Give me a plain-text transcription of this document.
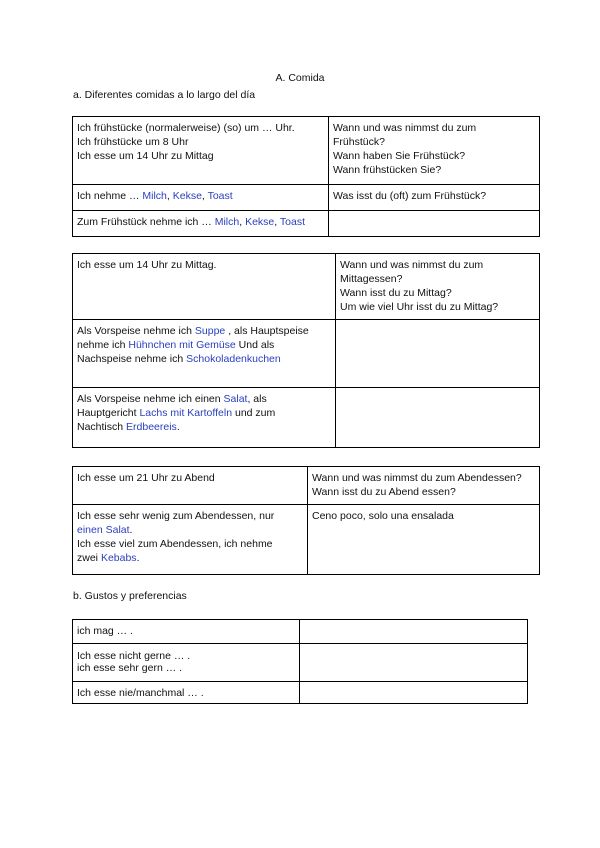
A. Comida
a. Diferentes comidas a lo largo del día
Ich frühstücke (normalerweise) (so) um … Uhr.
Ich frühstücke um 8 Uhr
Ich esse um 14 Uhr zu Mittag	Wann und was nimmst du zum
Frühstück?
Wann haben Sie Frühstück?
Wann frühstücken Sie?

Ich nehme … Milch, Kekse, Toast	Was isst du (oft) zum Frühstück?
Zum Frühstück nehme ich … Milch, Kekse, Toast	
Ich esse um 14 Uhr zu Mittag.	Wann und was nimmst du zum
Mittagessen?
Wann isst du zu Mittag?
Um wie viel Uhr isst du zu Mittag?

Als Vorspeise nehme ich Suppe , als Hauptspeise
nehme ich Hühnchen mit Gemüse Und als
Nachspeise nehme ich Schokoladenkuchen	

Als Vorspeise nehme ich einen Salat, als
Hauptgericht Lachs mit Kartoffeln und zum
Nachtisch Erdbeereis.	

Ich esse um 21 Uhr zu Abend	Wann und was nimmst du zum Abendessen?
Wann isst du zu Abend essen?

Ich esse sehr wenig zum Abendessen, nur
einen Salat.
Ich esse viel zum Abendessen, ich nehme
zwei Kebabs.	Ceno poco, solo una ensalada
b. Gustos y preferencias
ich mag … .	

Ich esse nicht gerne … .
ich esse sehr gern … .	

Ich esse nie/manchmal … .	
